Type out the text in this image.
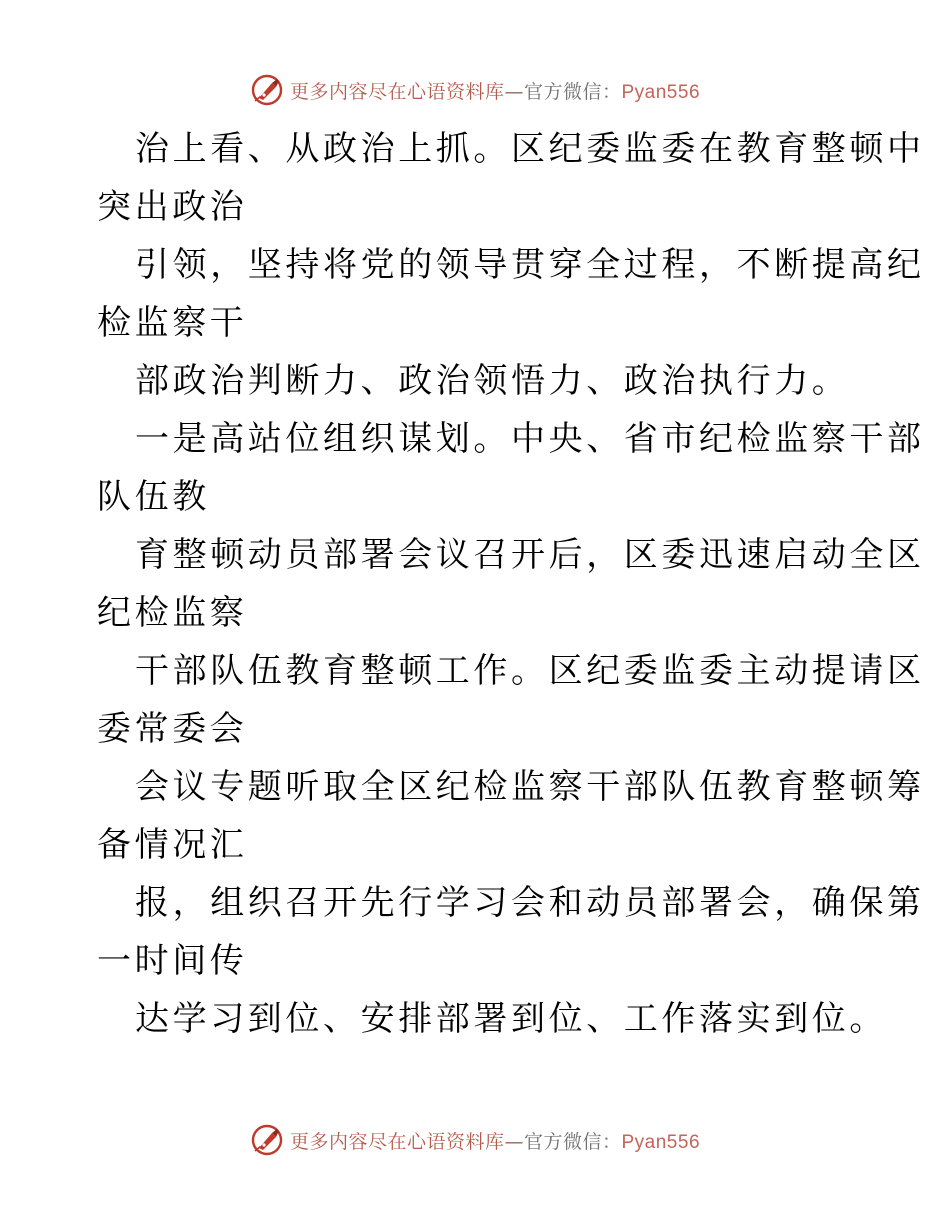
更多内容尽在心语资料库—官方微信：Pyan556
治上看、从政治上抓。区纪委监委在教育整顿中
突出政治
引领，坚持将党的领导贯穿全过程，不断提高纪
检监察干
部政治判断力、政治领悟力、政治执行力。
一是高站位组织谋划。中央、省市纪检监察干部
队伍教
育整顿动员部署会议召开后，区委迅速启动全区
纪检监察
干部队伍教育整顿工作。区纪委监委主动提请区
委常委会
会议专题听取全区纪检监察干部队伍教育整顿筹
备情况汇
报，组织召开先行学习会和动员部署会，确保第
一时间传
达学习到位、安排部署到位、工作落实到位。
更多内容尽在心语资料库—官方微信：Pyan556
